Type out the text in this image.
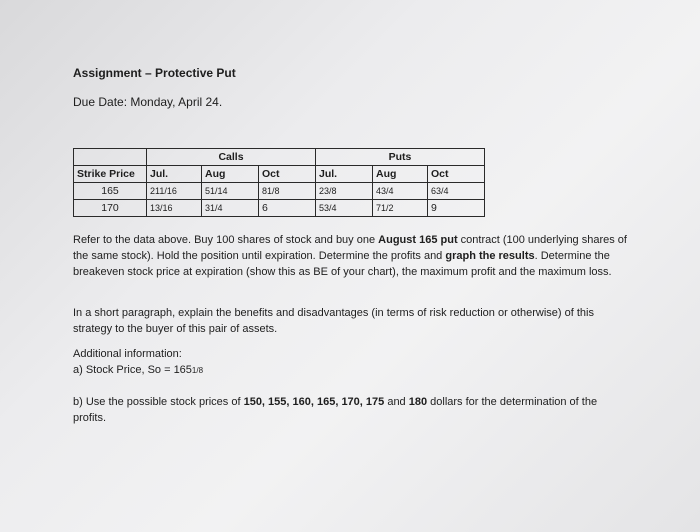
Assignment – Protective Put
Due Date: Monday, April 24.
	Calls			Puts		
Strike Price	Jul.	Aug	Oct	Jul.	Aug	Oct
165	211/16	51/14	81/8	23/8	43/4	63/4
170	13/16	31/4	6	53/4	71/2	9
Refer to the data above. Buy 100 shares of stock and buy one August 165 put contract (100 underlying shares of the same stock). Hold the position until expiration. Determine the profits and graph the results. Determine the breakeven stock price at expiration (show this as BE of your chart), the maximum profit and the maximum loss.
In a short paragraph, explain the benefits and disadvantages (in terms of risk reduction or otherwise) of this strategy to the buyer of this pair of assets.
Additional information:
a) Stock Price, So = 1651/8
b) Use the possible stock prices of 150, 155, 160, 165, 170, 175 and 180 dollars for the determination of the profits.
